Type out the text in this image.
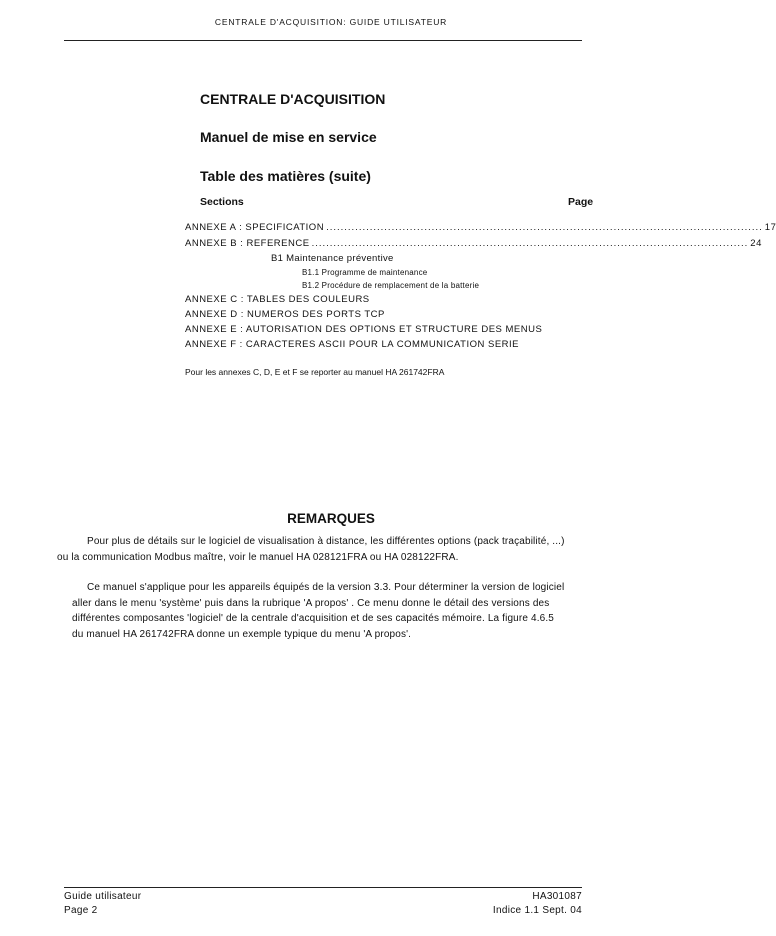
CENTRALE D'ACQUISITION: GUIDE UTILISATEUR
CENTRALE D'ACQUISITION
Manuel de mise en service
Table des matières (suite)
Sections	Page
ANNEXE A : SPECIFICATION ........................................................................................................................ 17
ANNEXE B : REFERENCE ........................................................................................................................ 24
B1 Maintenance préventive
B1.1 Programme de maintenance
B1.2 Procédure de remplacement de la batterie
ANNEXE C : TABLES DES COULEURS
ANNEXE D : NUMEROS DES PORTS TCP
ANNEXE E : AUTORISATION DES OPTIONS ET STRUCTURE DES MENUS
ANNEXE F : CARACTERES ASCII POUR LA COMMUNICATION SERIE
Pour les annexes C, D, E et F se reporter au manuel HA 261742FRA
REMARQUES
Pour plus de détails sur le logiciel de visualisation à distance, les différentes options (pack traçabilité, ...)
ou la communication Modbus maître, voir le manuel HA 028121FRA ou HA 028122FRA.
Ce manuel s'applique pour les appareils équipés de la version 3.3. Pour déterminer la version de logiciel
aller dans le menu 'système' puis dans la rubrique 'A propos' . Ce menu donne le détail des versions des
différentes composantes 'logiciel' de la centrale d'acquisition et de ses capacités mémoire. La figure 4.6.5
du manuel HA 261742FRA donne un exemple typique du menu 'A propos'.
Guide utilisateur
Page 2
HA301087
Indice 1.1 Sept. 04
